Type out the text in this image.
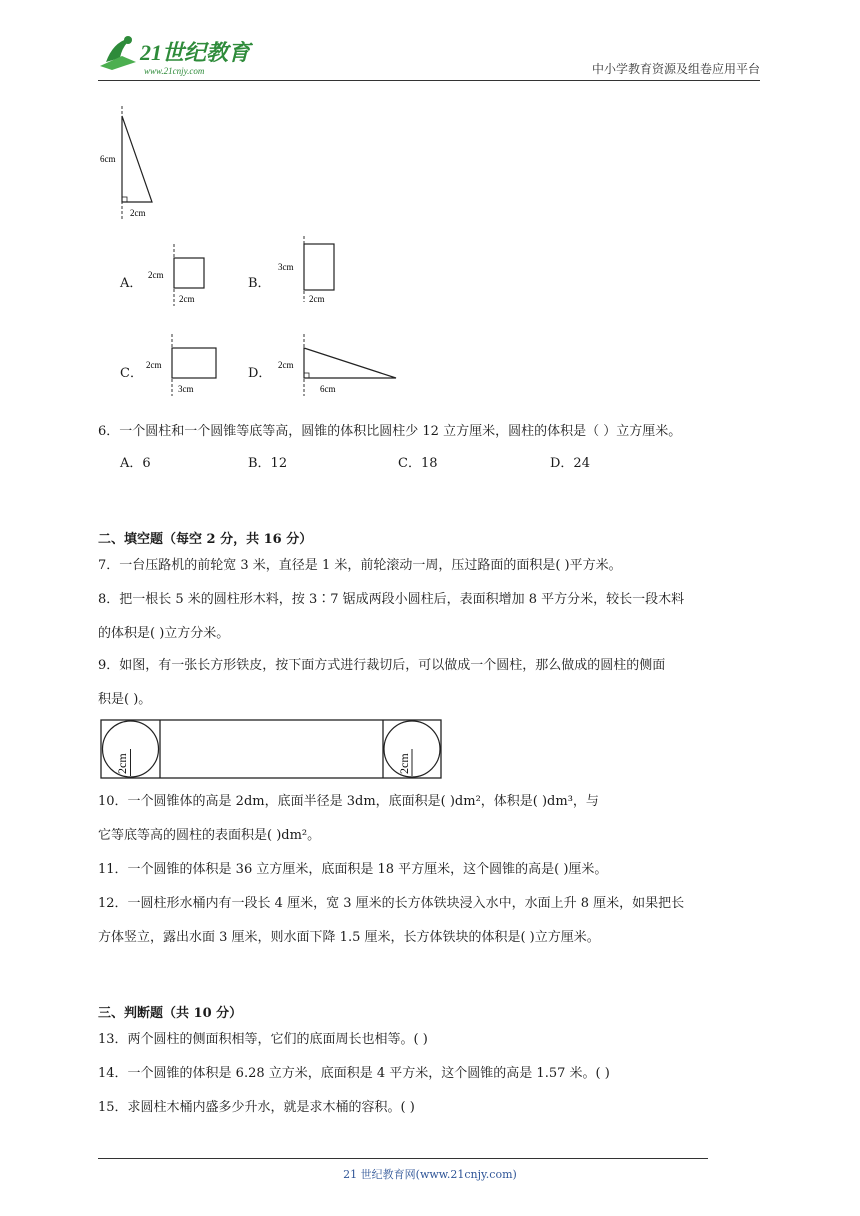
21世纪教育
www.21cnjy.com	中小学教育资源及组卷应用平台
6cm
2cm
A．
2cm
2cm
B．
3cm
2cm
C．
2cm
3cm
D．
2cm
6cm
6．一个圆柱和一个圆锥等底等高，圆锥的体积比圆柱少 12 立方厘米，圆柱的体积是（ ）立方厘米。
A．6	B．12	C．18	D．24
二、填空题（每空 2 分，共 16 分）
7．一台压路机的前轮宽 3 米，直径是 1 米，前轮滚动一周，压过路面的面积是( )平方米。
8．把一根长 5 米的圆柱形木料，按 3∶7 锯成两段小圆柱后，表面积增加 8 平方分米，较长一段木料
的体积是( )立方分米。
9．如图，有一张长方形铁皮，按下面方式进行裁切后，可以做成一个圆柱，那么做成的圆柱的侧面
积是( )。
2cm	2cm
10．一个圆锥体的高是 2dm，底面半径是 3dm，底面积是( )dm²，体积是( )dm³，与
它等底等高的圆柱的表面积是( )dm²。
11．一个圆锥的体积是 36 立方厘米，底面积是 18 平方厘米，这个圆锥的高是( )厘米。
12．一圆柱形水桶内有一段长 4 厘米，宽 3 厘米的长方体铁块浸入水中，水面上升 8 厘米，如果把长
方体竖立，露出水面 3 厘米，则水面下降 1.5 厘米，长方体铁块的体积是( )立方厘米。
三、判断题（共 10 分）
13．两个圆柱的侧面积相等，它们的底面周长也相等。( )
14．一个圆锥的体积是 6.28 立方米，底面积是 4 平方米，这个圆锥的高是 1.57 米。( )
15．求圆柱木桶内盛多少升水，就是求木桶的容积。( )
21 世纪教育网(www.21cnjy.com)
